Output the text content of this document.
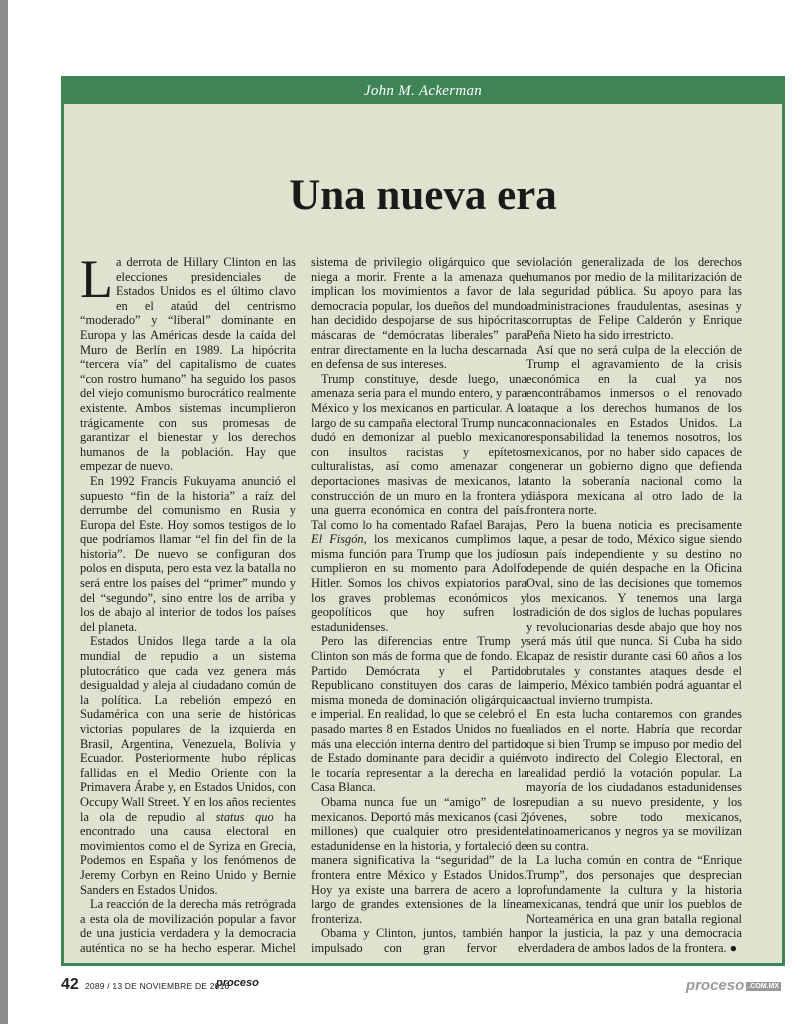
John M. Ackerman
Una nueva era

La derrota de Hillary Clinton en las elecciones presidenciales de Estados Unidos es el último clavo en el ataúd del centrismo “moderado” y “liberal” dominante en Europa y las Américas desde la caída del Muro de Berlín en 1989. La hipócrita “tercera vía” del capitalismo de cuates “con rostro humano” ha seguido los pasos del viejo comunismo burocrático realmente existente. Ambos sistemas incumplieron trágicamente con sus promesas de garantizar el bienestar y los derechos humanos de la población. Hay que empezar de nuevo.

En 1992 Francis Fukuyama anunció el supuesto “fin de la historia” a raíz del derrumbe del comunismo en Rusia y Europa del Este. Hoy somos testigos de lo que podríamos llamar “el fin del fin de la historia”. De nuevo se configuran dos polos en disputa, pero esta vez la batalla no será entre los países del “primer” mundo y del “segundo”, sino entre los de arriba y los de abajo al interior de todos los países del planeta.

Estados Unidos llega tarde a la ola mundial de repudio a un sistema plutocrático que cada vez genera más desigualdad y aleja al ciudadano común de la política. La rebelión empezó en Sudamérica con una serie de históricas victorias populares de la izquierda en Brasil, Argentina, Venezuela, Bolivia y Ecuador. Posteriormente hubo réplicas fallidas en el Medio Oriente con la Primavera Árabe y, en Estados Unidos, con Occupy Wall Street. Y en los años recientes la ola de repudio al status quo ha encontrado una causa electoral en movimientos como el de Syriza en Grecia, Podemos en España y los fenómenos de Jeremy Corbyn en Reino Unido y Bernie Sanders en Estados Unidos.

La reacción de la derecha más retrógrada a esta ola de movilización popular a favor de una justicia verdadera y la democracia auténtica no se ha hecho esperar. Michel

sistema de privilegio oligárquico que se niega a morir. Frente a la amenaza que implican los movimientos a favor de la democracia popular, los dueños del mundo han decidido despojarse de sus hipócritas máscaras de “demócratas liberales” para entrar directamente en la lucha descarnada en defensa de sus intereses.

Trump constituye, desde luego, una amenaza seria para el mundo entero, y para México y los mexicanos en particular. A lo largo de su campaña electoral Trump nunca dudó en demonizar al pueblo mexicano con insultos racistas y epítetos culturalistas, así como amenazar con deportaciones masivas de mexicanos, la construcción de un muro en la frontera y una guerra económica en contra del país. Tal como lo ha comentado Rafael Barajas, El Fisgón, los mexicanos cumplimos la misma función para Trump que los judíos cumplieron en su momento para Adolfo Hitler. Somos los chivos expiatorios para los graves problemas económicos y geopolíticos que hoy sufren los estadunidenses.

Pero las diferencias entre Trump y Clinton son más de forma que de fondo. El Partido Demócrata y el Partido Republicano constituyen dos caras de la misma moneda de dominación oligárquica e imperial. En realidad, lo que se celebró el pasado martes 8 en Estados Unidos no fue más una elección interna dentro del partido de Estado dominante para decidir a quién le tocaría representar a la derecha en la Casa Blanca.

Obama nunca fue un “amigo” de los mexicanos. Deportó más mexicanos (casi 2 millones) que cualquier otro presidente estadunidense en la historia, y fortaleció de manera significativa la “seguridad” de la frontera entre México y Estados Unidos. Hoy ya existe una barrera de acero a lo largo de grandes extensiones de la línea fronteriza.

Obama y Clinton, juntos, también han impulsado con gran fervor el

violación generalizada de los derechos humanos por medio de la militarización de la seguridad pública. Su apoyo para las administraciones fraudulentas, asesinas y corruptas de Felipe Calderón y Enrique Peña Nieto ha sido irrestricto.

Así que no será culpa de la elección de Trump el agravamiento de la crisis económica en la cual ya nos encontrábamos inmersos o el renovado ataque a los derechos humanos de los connacionales en Estados Unidos. La responsabilidad la tenemos nosotros, los mexicanos, por no haber sido capaces de generar un gobierno digno que defienda tanto la soberanía nacional como la diáspora mexicana al otro lado de la frontera norte.

Pero la buena noticia es precisamente que, a pesar de todo, México sigue siendo un país independiente y su destino no depende de quién despache en la Oficina Oval, sino de las decisiones que tomemos los mexicanos. Y tenemos una larga tradición de dos siglos de luchas populares y revolucionarias desde abajo que hoy nos será más útil que nunca. Si Cuba ha sido capaz de resistir durante casi 60 años a los brutales y constantes ataques desde el imperio, México también podrá aguantar el actual invierno trumpista.

En esta lucha contaremos con grandes aliados en el norte. Habría que recordar que si bien Trump se impuso por medio del voto indirecto del Colegio Electoral, en realidad perdió la votación popular. La mayoría de los ciudadanos estadunidenses repudian a su nuevo presidente, y los jóvenes, sobre todo mexicanos, latinoamericanos y negros ya se movilizan en su contra.

La lucha común en contra de “Enrique Trump”, dos personajes que desprecian profundamente la cultura y la historia mexicanas, tendrá que unir los pueblos de Norteamérica en una gran batalla regional por la justicia, la paz y una democracia verdadera de ambos lados de la frontera. ●

42 2089 / 13 DE NOVIEMBRE DE 2016
proceso	proceso $^{.COM.MX}$
